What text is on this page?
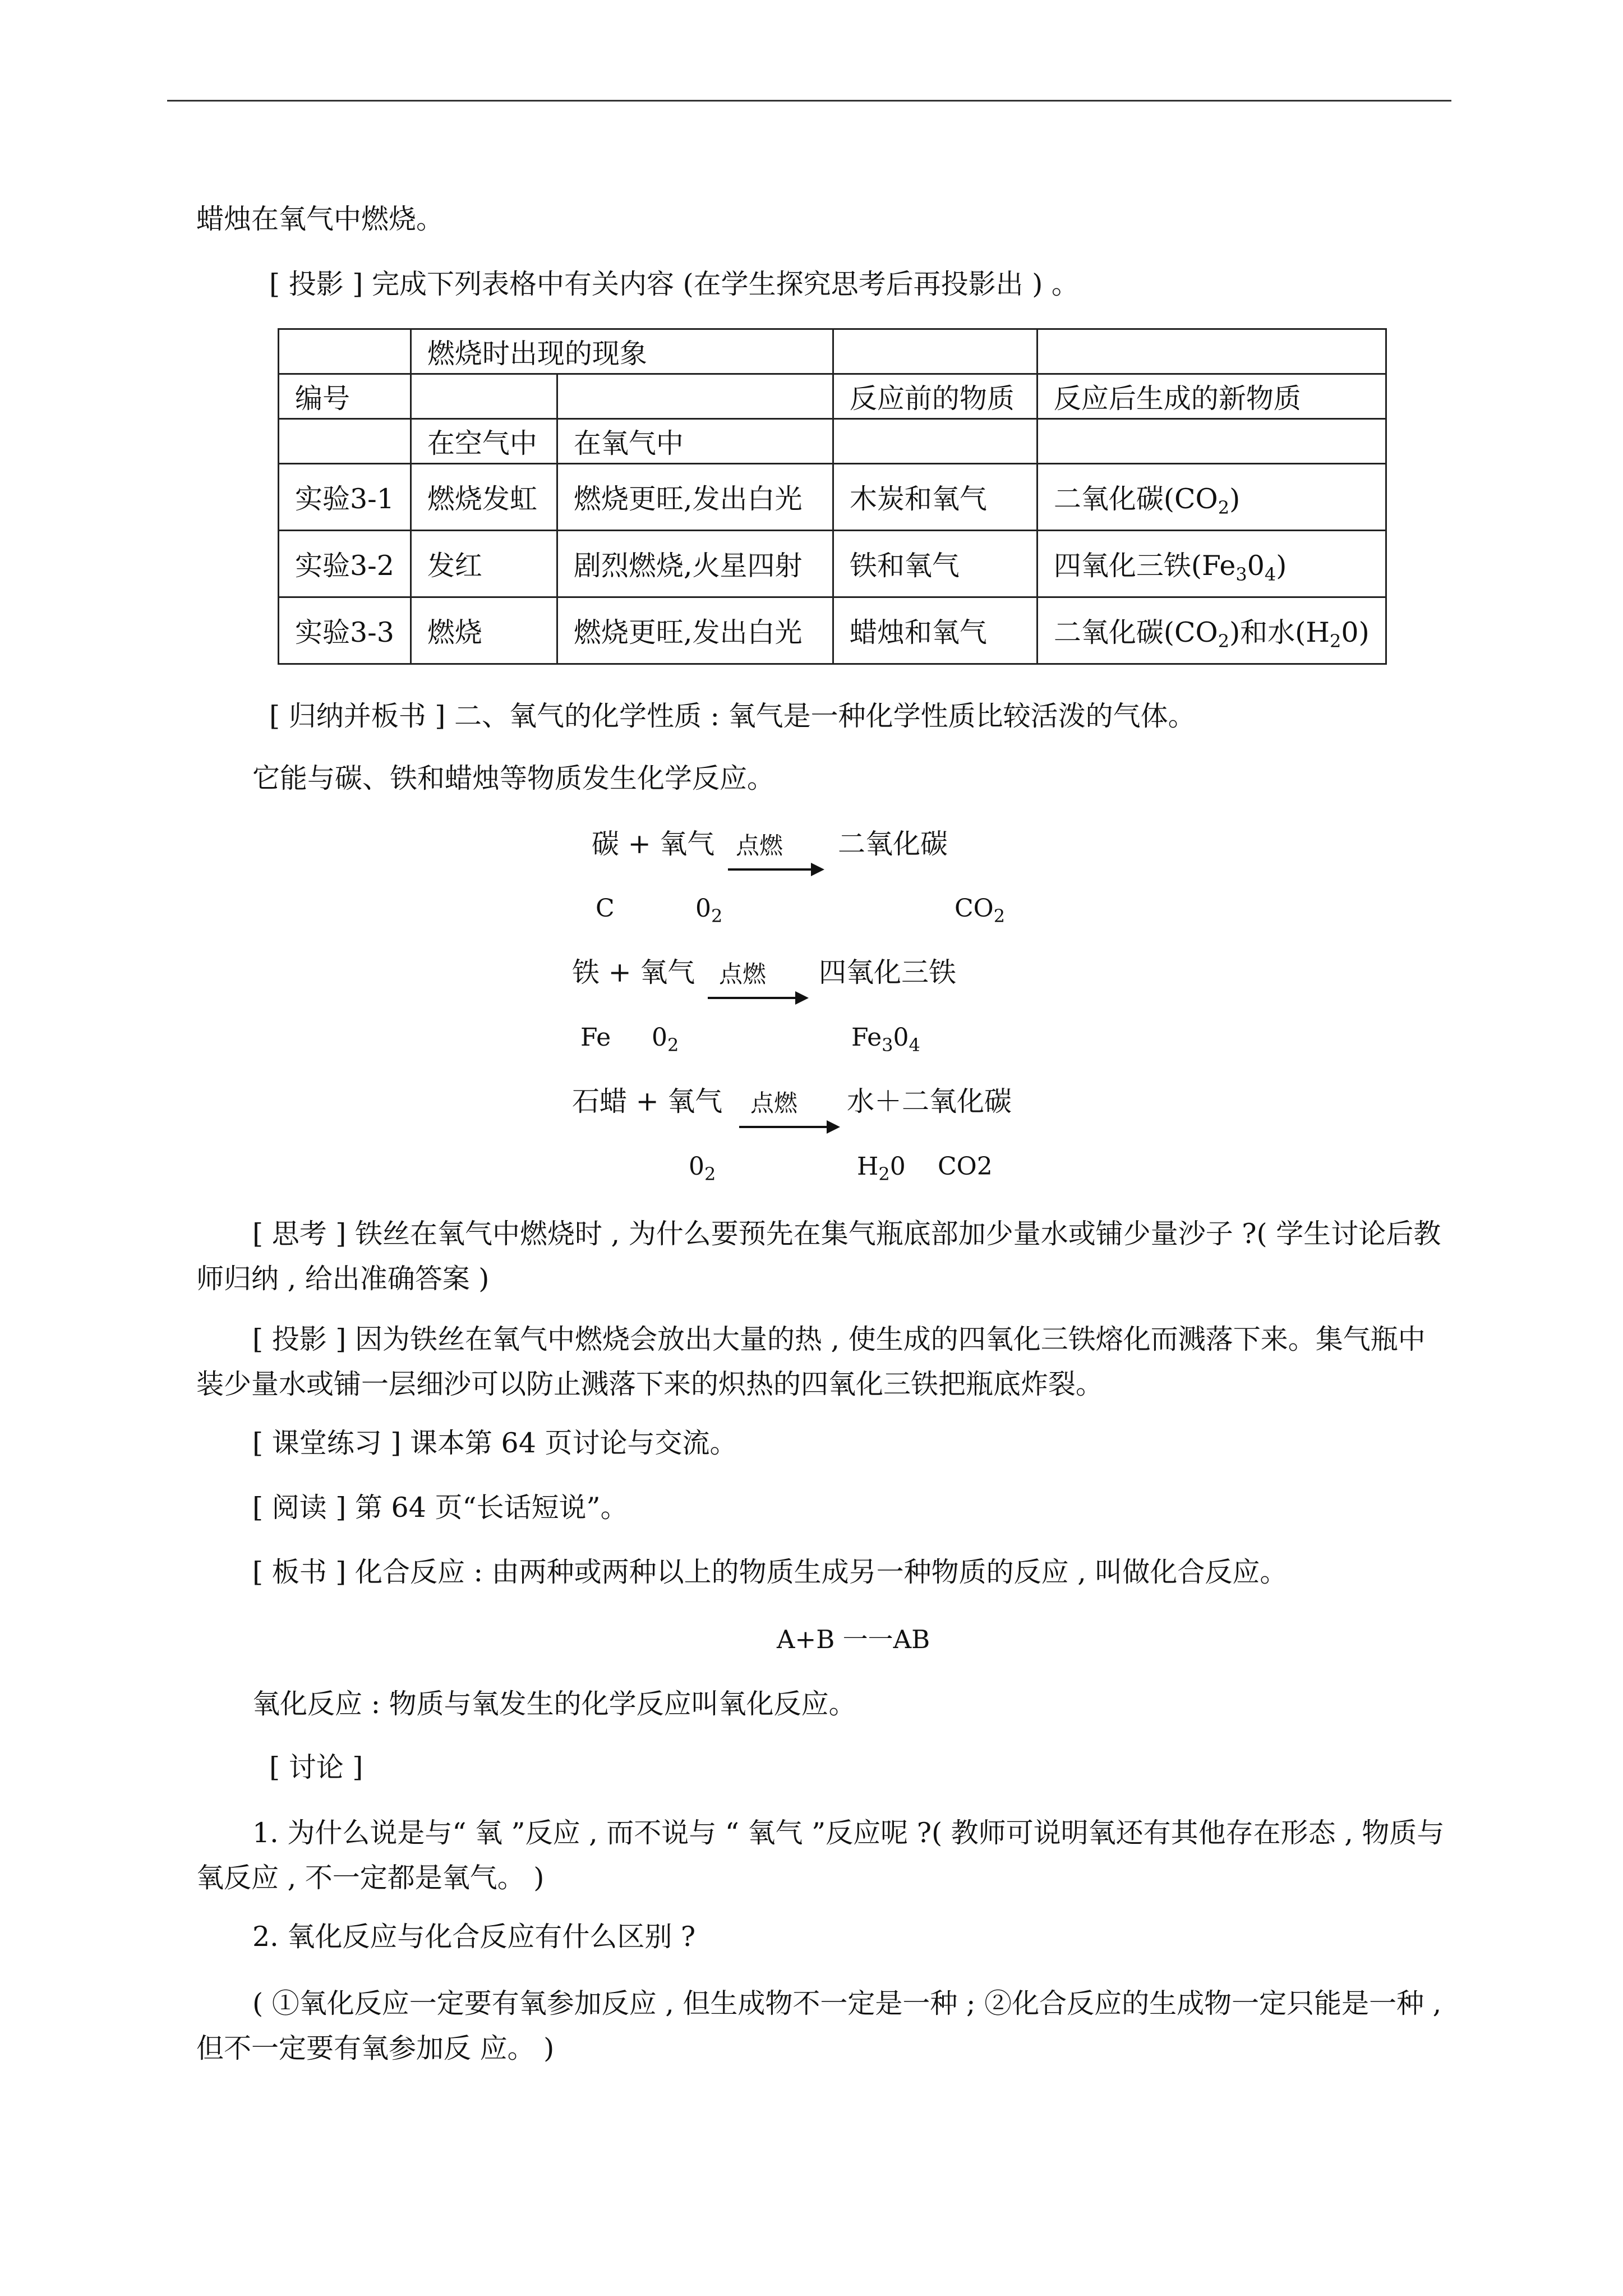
蜡烛在氧气中燃烧。
[ 投影 ] 完成下列表格中有关内容 (在学生探究思考后再投影出 ) 。
	燃烧时出现的现象			
编号			反应前的物质	反应后生成的新物质
	在空气中	在氧气中		
实验3-1	燃烧发虹	燃烧更旺,发出白光	木炭和氧气	二氧化碳$(CO_2)$
实验3-2	发红	剧烈燃烧,火星四射	铁和氧气	四氧化三铁$(Fe_30_4)$
实验3-3	燃烧	燃烧更旺,发出白光	蜡烛和氧气	二氧化碳$(CO_2)$和水$(H_20)$
[ 归纳并板书 ] 二、氧气的化学性质 : 氧气是一种化学性质比较活泼的气体。
它能与碳、铁和蜡烛等物质发生化学反应。
碳 + 氧气 点燃 二氧化碳
C	$0_2$	$CO_2$
铁 + 氧气 点燃 四氧化三铁
Fe $0_2$	$Fe_30_4$
石蜡 + 氧气 点燃 水＋二氧化碳
$0_2$	$H_20$ CO2
[ 思考 ] 铁丝在氧气中燃烧时 , 为什么要预先在集气瓶底部加少量水或铺少量沙子 ?( 学生讨论后教师归纳 , 给出准确答案 )
[ 投影 ] 因为铁丝在氧气中燃烧会放出大量的热 , 使生成的四氧化三铁熔化而溅落下来。集气瓶中装少量水或铺一层细沙可以防止溅落下来的炽热的四氧化三铁把瓶底炸裂。
[ 课堂练习 ] 课本第 64 页讨论与交流。
[ 阅读 ] 第 64 页“长话短说”。
[ 板书 ] 化合反应 : 由两种或两种以上的物质生成另一种物质的反应 , 叫做化合反应。
A+B 一一AB
氧化反应 : 物质与氧发生的化学反应叫氧化反应。
[ 讨论 ]
1. 为什么说是与“ 氧 ”反应 , 而不说与 “ 氧气 ”反应呢 ?( 教师可说明氧还有其他存在形态 , 物质与氧反应 , 不一定都是氧气。 )
2. 氧化反应与化合反应有什么区别 ?
( ①氧化反应一定要有氧参加反应 , 但生成物不一定是一种 ; ②化合反应的生成物一定只能是一种 , 但不一定要有氧参加反 应。 )
